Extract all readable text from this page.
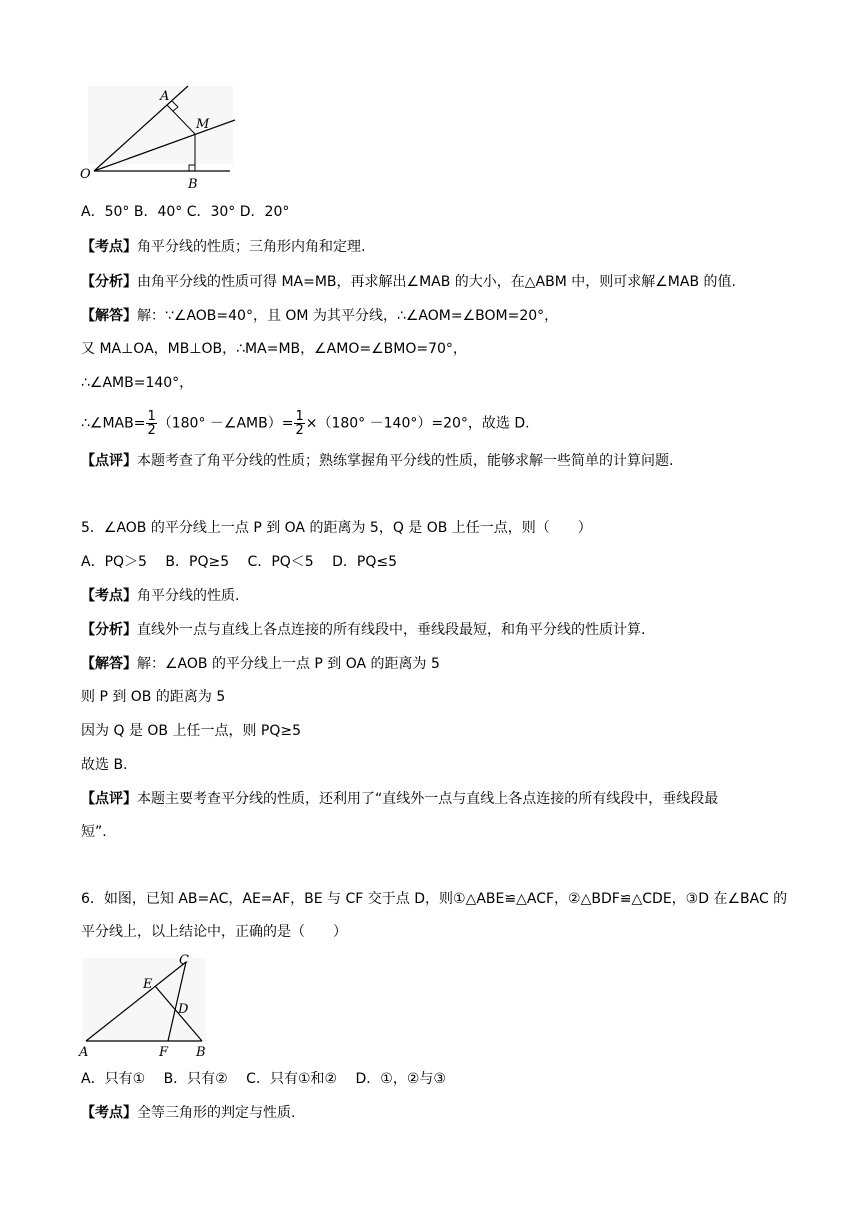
A
M
O
B
A．50° B．40° C．30° D．20°
【考点】角平分线的性质；三角形内角和定理.
【分析】由角平分线的性质可得 MA=MB，再求解出∠MAB 的大小，在△ABM 中，则可求解∠MAB 的值.
【解答】解：∵∠AOB=40°，且 OM 为其平分线，∴∠AOM=∠BOM=20°，
又 MA⊥OA，MB⊥OB，∴MA=MB，∠AMO=∠BMO=70°，
∴∠AMB=140°，
∴∠MAB= $\frac{1}{2} (180^\circ$ －∠AMB）= $\frac{1}{2} \times(180^\circ -140^\circ)=20^\circ$，故选 D.
【点评】本题考查了角平分线的性质；熟练掌握角平分线的性质，能够求解一些简单的计算问题.
5．∠AOB 的平分线上一点 P 到 OA 的距离为 5，Q 是 OB 上任一点，则（　　）
A．PQ＞5　 B．PQ≥5　 C．PQ＜5　 D．PQ≤5
【考点】角平分线的性质.
【分析】直线外一点与直线上各点连接的所有线段中，垂线段最短，和角平分线的性质计算.
【解答】解：∠AOB 的平分线上一点 P 到 OA 的距离为 5
则 P 到 OB 的距离为 5
因为 Q 是 OB 上任一点，则 PQ≥5
故选 B.
【点评】本题主要考查平分线的性质，还利用了“直线外一点与直线上各点连接的所有线段中，垂线段最
短”.
6．如图，已知 AB=AC，AE=AF，BE 与 CF 交于点 D，则①△ABE≌△ACF，②△BDF≌△CDE，③D 在∠BAC 的
平分线上，以上结论中，正确的是（　　）
C
E
D
A	F B
A．只有①　 B．只有②　 C．只有①和②　 D．①，②与③
【考点】全等三角形的判定与性质.
